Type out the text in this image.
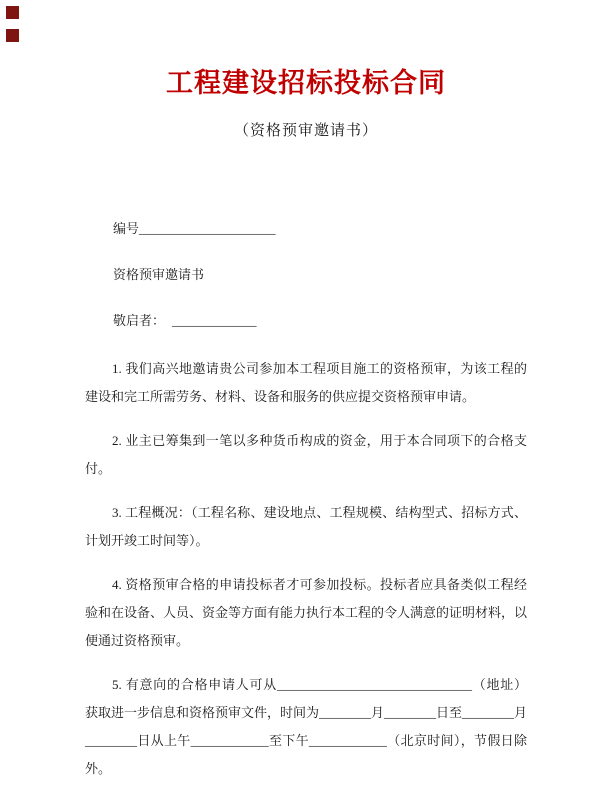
工程建设招标投标合同
（资格预审邀请书）
编号_____________________
资格预审邀请书
敬启者： _____________

1. 我们高兴地邀请贵公司参加本工程项目施工的资格预审，为该工程的建设和完工所需劳务、材料、设备和服务的供应提交资格预审申请。

2. 业主已筹集到一笔以多种货币构成的资金，用于本合同项下的合格支付。

3. 工程概况：（工程名称、建设地点、工程规模、结构型式、招标方式、计划开竣工时间等）。

4. 资格预审合格的申请投标者才可参加投标。投标者应具备类似工程经验和在设备、人员、资金等方面有能力执行本工程的令人满意的证明材料，以便通过资格预审。

5. 有意向的合格申请人可从______________________________（地址）获取进一步信息和资格预审文件，时间为________月________日至________月________日从上午____________至下午____________（北京时间），节假日除外。
